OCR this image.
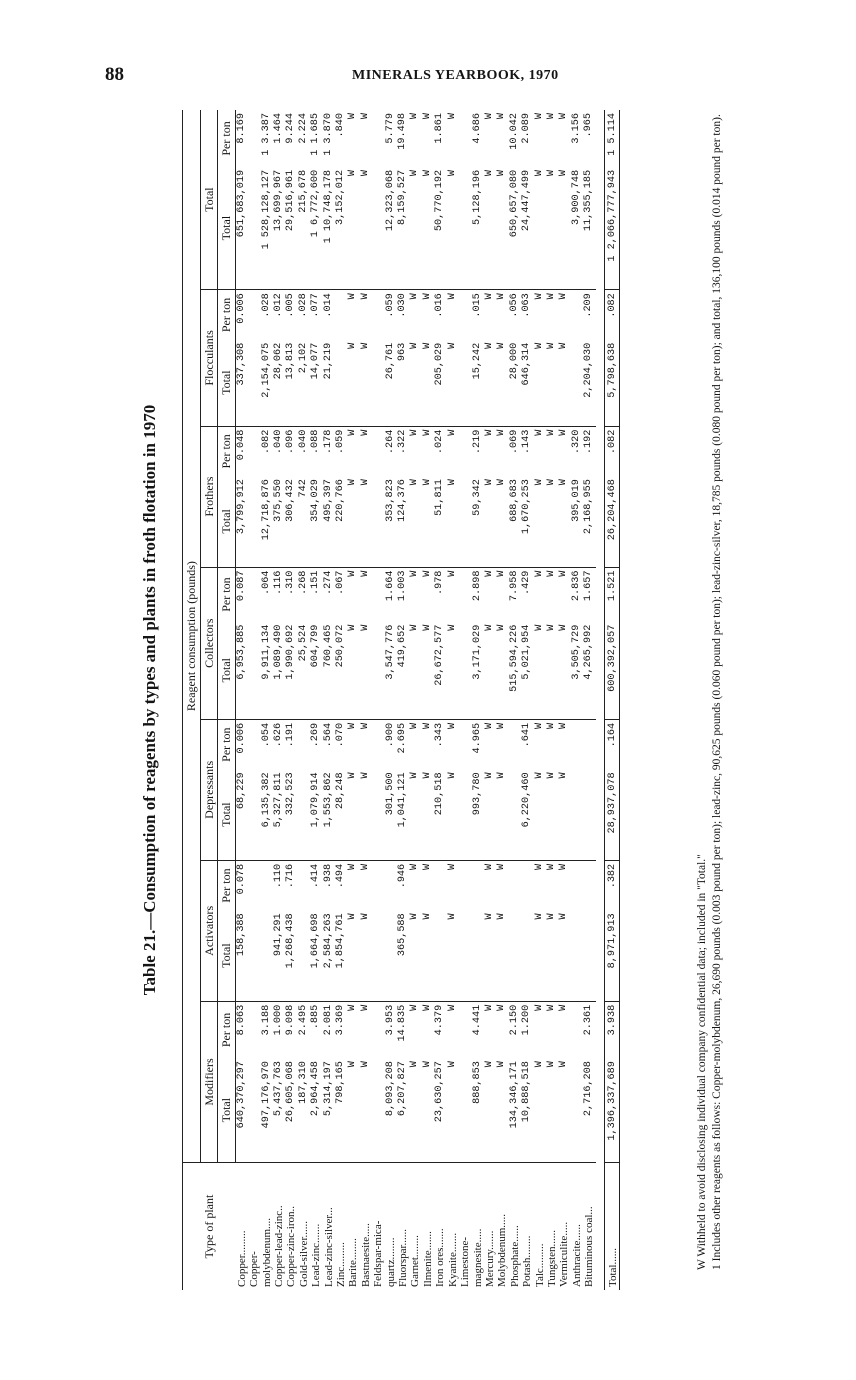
88	MINERALS YEARBOOK, 1970
Table 21.—Consumption of reagents by types and plants in froth flotation in 1970
Type of plant	Reagent consumption (pounds)													
	Modifiers		Activators		Depressants		Collectors		Frothers		Flocculants		Total	
	Total	Per ton	Total	Per ton	Total	Per ton	Total	Per ton	Total	Per ton	Total	Per ton	Total	Per ton
Copper.........	640,370,297	8.063	158,388	0.078	68,229	0.006	6,953,885	0.087	3,799,912	0.048	337,308	0.006	651,683,019	8.169
Copper-														
molybdenum....	497,176,970	3.188			6,135,382	.054	9,911,134	.064	12,718,876	.082	2,154,075	.028	1 528,128,127	1 3.387
Copper-lead-zinc..	5,437,763	1.000	941,291	.110	5,327,811	.626	1,089,490	.116	375,550	.040	28,062	.012	13,699,967	1.464
Copper-zinc-iron..	26,605,068	9.098	1,268,438	.716	332,523	.191	1,990,692	.310	306,432	.096	13,813	.005	29,516,961	9.244
Gold-silver......	187,310	2.495					25,524	.268	742	.040	2,102	.028	215,678	2.224
Lead-zinc.......	2,964,458	.885	1,664,698	.414	1,079,914	.269	604,799	.151	354,029	.088	14,077	.077	1 6,772,600	1 1.685
Lead-zinc-silver...	5,314,197	2.081	2,584,263	.938	1,553,862	.564	760,465	.274	495,397	.178	21,219	.014	1 10,748,178	1 3.870
Zinc.........	798,165	3.369	1,854,761	.494	28,248	.070	250,072	.067	220,766	.059			3,152,012	.840
Barite........	W	W	W	W	W	W	W	W	W	W	W	W	W	W
Bastnaesite.....	W	W	W	W	W	W	W	W	W	W	W	W	W	W
Feldspar-mica-														
quartz........	8,093,208	3.953			301,500	.900	3,547,776	1.664	353,823	.264	26,761	.059	12,323,068	5.779
Fluorspar......	6,207,827	14.835	365,588	.946	1,041,121	2.695	419,652	1.003	124,376	.322	963	.030	8,159,527	19.498
Garnet........	W	W	W	W	W	W	W	W	W	W	W	W	W	W
Ilmenite.......	W	W	W	W	W	W	W	W	W	W	W	W	W	W
Iron ores.......	23,630,257	4.379			210,518	.343	26,672,577	.978	51,811	.024	205,029	.016	50,770,192	1.861
Kyanite.......	W	W	W	W	W	W	W	W	W	W	W	W	W	W
Limestone-														
magnesite.....	888,853	4.441			993,780	4.965	3,171,029	2.898	59,342	.219	15,242	.015	5,128,196	4.686
Mercury.......	W	W	W	W	W	W	W	W	W	W	W	W	W	W
Molybdenum.....	W	W	W	W	W	W	W	W	W	W	W	W	W	W
Phosphate......	134,346,171	2.150					515,594,226	7.958	688,683	.069	28,000	.056	650,657,080	10.042
Potash........	10,888,518	1.200			6,220,460	.641	5,021,954	.429	1,670,253	.143	646,314	.063	24,447,499	2.089
Talc.........	W	W	W	W	W	W	W	W	W	W	W	W	W	W
Tungsten......	W	W	W	W	W	W	W	W	W	W	W	W	W	W
Vermiculite.....	W	W	W	W	W	W	W	W	W	W	W	W	W	W
Anthracite......							3,505,729	2.836	395,019	.320			3,900,748	3.156
Bituminous coal...	2,716,208	2.361					4,265,992	1.657	2,168,955	.192	2,204,030	.209	11,355,185	.965

Total......	1,396,337,689	3.938	8,971,913	.382	28,937,078	.164	600,392,057	1.521	26,204,468	.082	5,798,638	.082	1 2,066,777,943	1 5.114

W Withheld to avoid disclosing individual company confidential data; included in "Total." 1 Includes other reagents as follows: Copper-molybdenum, 26,690 pounds (0.003 pound per ton); lead-zinc, 90,625 pounds (0.060 pound per ton); lead-zinc-silver, 18,785 pounds (0.080 pound per ton); and total, 136,100 pounds (0.014 pound per ton).
